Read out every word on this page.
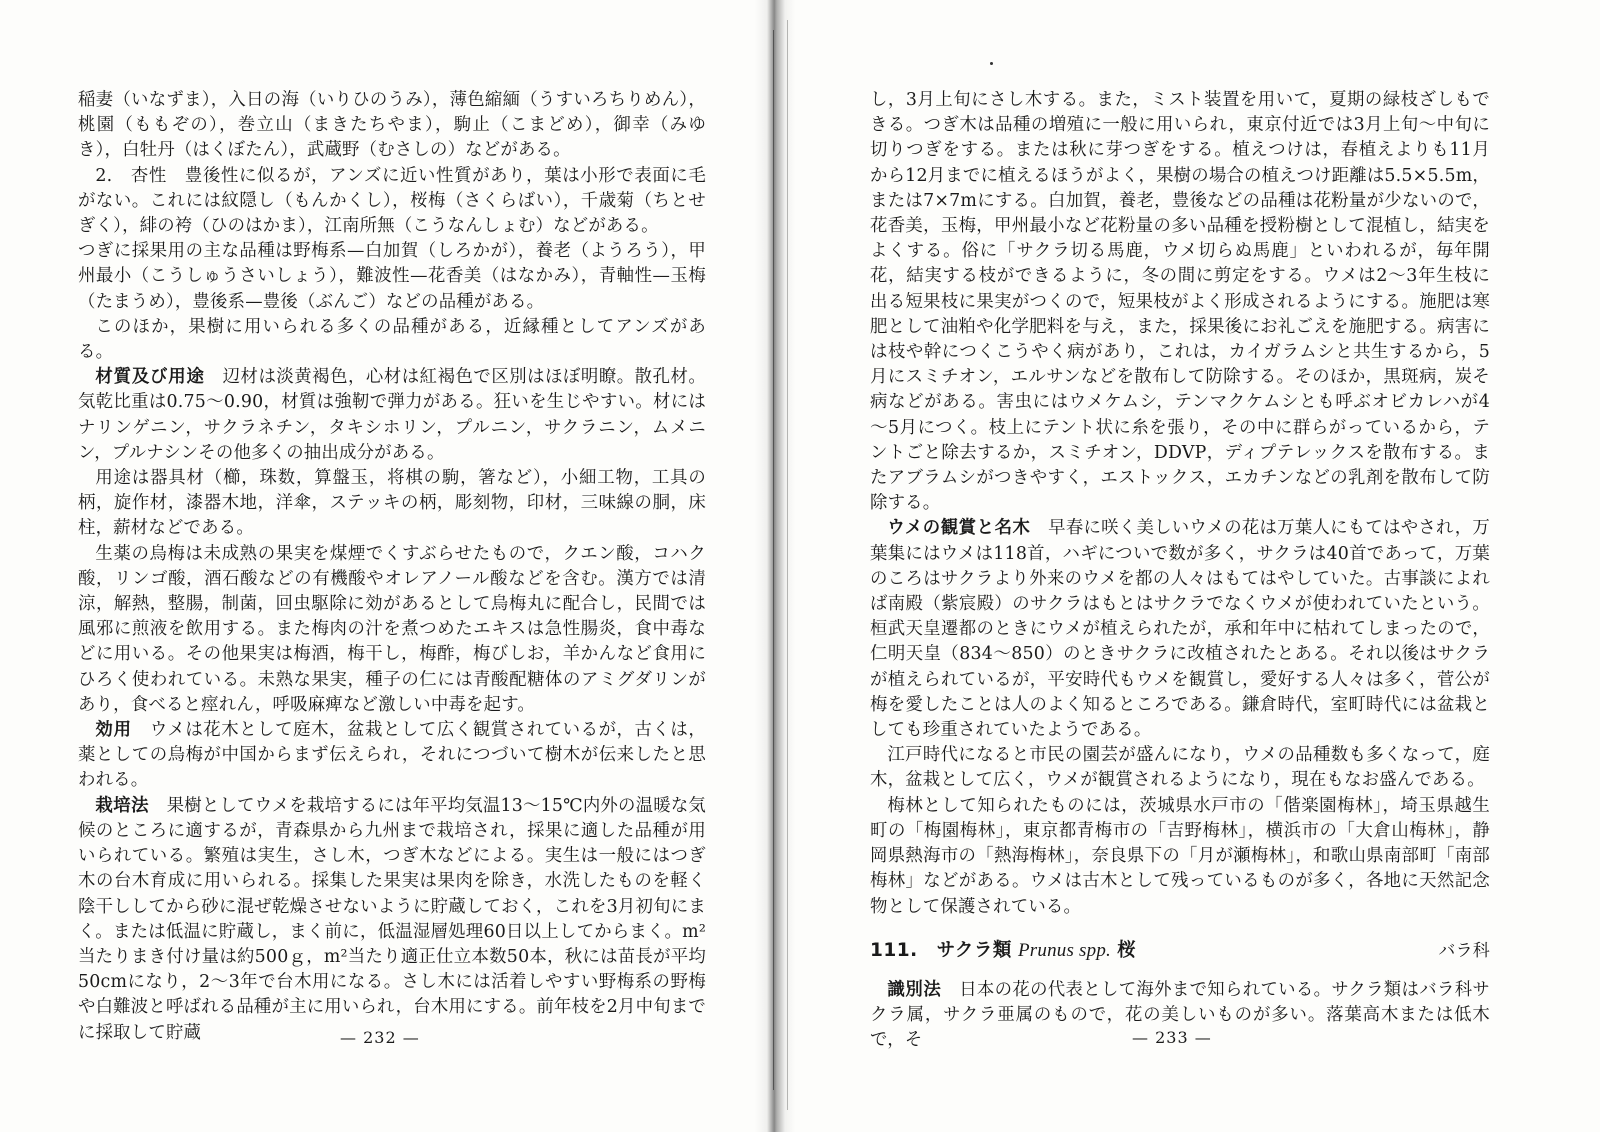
稲妻（いなずま），入日の海（いりひのうみ），薄色縮緬（うすいろちりめん），桃園（ももぞの），巻立山（まきたちやま），駒止（こまどめ），御幸（みゆき），白牡丹（はくぼたん），武蔵野（むさしの）などがある。

2.　杏性　豊後性に似るが，アンズに近い性質があり，葉は小形で表面に毛がない。これには紋隠し（もんかくし），桜梅（さくらばい），千歳菊（ちとせぎく），緋の袴（ひのはかま），江南所無（こうなんしょむ）などがある。

つぎに採果用の主な品種は野梅系—白加賀（しろかが），養老（ようろう），甲州最小（こうしゅうさいしょう），難波性—花香美（はなかみ），青軸性—玉梅（たまうめ），豊後系—豊後（ぶんご）などの品種がある。

このほか，果樹に用いられる多くの品種がある，近縁種としてアンズがある。

材質及び用途　 辺材は淡黄褐色，心材は紅褐色で区別はほぼ明瞭。散孔材。気乾比重は0.75～0.90，材質は強靭で弾力がある。狂いを生じやすい。材にはナリンゲニン，サクラネチン，タキシホリン，プルニン，サクラニン，ムメニン，プルナシンその他多くの抽出成分がある。

用途は器具材（櫛，珠数，算盤玉，将棋の駒，箸など），小細工物，工具の柄，旋作材，漆器木地，洋傘，ステッキの柄，彫刻物，印材，三味線の胴，床柱，薪材などである。

生薬の烏梅は未成熟の果実を煤煙でくすぶらせたもので，クエン酸，コハク酸，リンゴ酸，酒石酸などの有機酸やオレアノール酸などを含む。漢方では清涼，解熱，整腸，制菌，回虫駆除に効があるとして烏梅丸に配合し，民間では風邪に煎液を飲用する。また梅肉の汁を煮つめたエキスは急性腸炎，食中毒などに用いる。その他果実は梅酒，梅干し，梅酢，梅びしお，羊かんなど食用にひろく使われている。未熟な果実，種子の仁には青酸配糖体のアミグダリンがあり，食べると痙れん，呼吸麻痺など激しい中毒を起す。

効用　 ウメは花木として庭木，盆栽として広く観賞されているが，古くは，薬としての烏梅が中国からまず伝えられ，それにつづいて樹木が伝来したと思われる。

栽培法　 果樹としてウメを栽培するには年平均気温13～15℃内外の温暖な気候のところに適するが，青森県から九州まで栽培され，採果に適した品種が用いられている。繁殖は実生，さし木，つぎ木などによる。実生は一般にはつぎ木の台木育成に用いられる。採集した果実は果肉を除き，水洗したものを軽く陰干ししてから砂に混ぜ乾燥させないように貯蔵しておく，これを3月初旬にまく。または低温に貯蔵し，まく前に，低温湿層処理60日以上してからまく。m²当たりまき付け量は約500ｇ，m²当たり適正仕立本数50本，秋には苗長が平均50cmになり，2～3年で台木用になる。さし木には活着しやすい野梅系の野梅や白難波と呼ばれる品種が主に用いられ，台木用にする。前年枝を2月中旬までに採取して貯蔵	— 232 —

し，3月上旬にさし木する。また，ミスト装置を用いて，夏期の緑枝ざしもできる。つぎ木は品種の増殖に一般に用いられ，東京付近では3月上旬～中旬に切りつぎをする。または秋に芽つぎをする。植えつけは，春植えよりも11月から12月までに植えるほうがよく，果樹の場合の植えつけ距離は5.5×5.5m，または7×7mにする。白加賀，養老，豊後などの品種は花粉量が少ないので，花香美，玉梅，甲州最小など花粉量の多い品種を授粉樹として混植し，結実をよくする。俗に「サクラ切る馬鹿，ウメ切らぬ馬鹿」といわれるが，毎年開花，結実する枝ができるように，冬の間に剪定をする。ウメは2～3年生枝に出る短果枝に果実がつくので，短果枝がよく形成されるようにする。施肥は寒肥として油粕や化学肥料を与え，また，採果後にお礼ごえを施肥する。病害には枝や幹につくこうやく病があり，これは，カイガラムシと共生するから，5月にスミチオン，エルサンなどを散布して防除する。そのほか，黒斑病，炭そ病などがある。害虫にはウメケムシ，テンマクケムシとも呼ぶオビカレハが4～5月につく。枝上にテント状に糸を張り，その中に群らがっているから，テントごと除去するか，スミチオン，DDVP，ディプテレックスを散布する。またアブラムシがつきやすく，エストックス，エカチンなどの乳剤を散布して防除する。

ウメの観賞と名木　 早春に咲く美しいウメの花は万葉人にもてはやされ，万葉集にはウメは118首，ハギについで数が多く，サクラは40首であって，万葉のころはサクラより外来のウメを都の人々はもてはやしていた。古事談によれば南殿（紫宸殿）のサクラはもとはサクラでなくウメが使われていたという。桓武天皇遷都のときにウメが植えられたが，承和年中に枯れてしまったので，仁明天皇（834～850）のときサクラに改植されたとある。それ以後はサクラが植えられているが，平安時代もウメを観賞し，愛好する人々は多く，菅公が梅を愛したことは人のよく知るところである。鎌倉時代，室町時代には盆栽としても珍重されていたようである。

江戸時代になると市民の園芸が盛んになり，ウメの品種数も多くなって，庭木，盆栽として広く，ウメが観賞されるようになり，現在もなお盛んである。

梅林として知られたものには，茨城県水戸市の「偕楽園梅林」，埼玉県越生町の「梅園梅林」，東京都青梅市の「吉野梅林」，横浜市の「大倉山梅林」，静岡県熱海市の「熱海梅林」，奈良県下の「月が瀬梅林」，和歌山県南部町「南部梅林」などがある。ウメは古木として残っているものが多く，各地に天然記念物として保護されている。

111.　サクラ類 Prunus spp. 桜	バラ科

識別法　 日本の花の代表として海外まで知られている。サクラ類はバラ科サクラ属，サクラ亜属のもので，花の美しいものが多い。落葉高木または低木で，そ	— 233 —
